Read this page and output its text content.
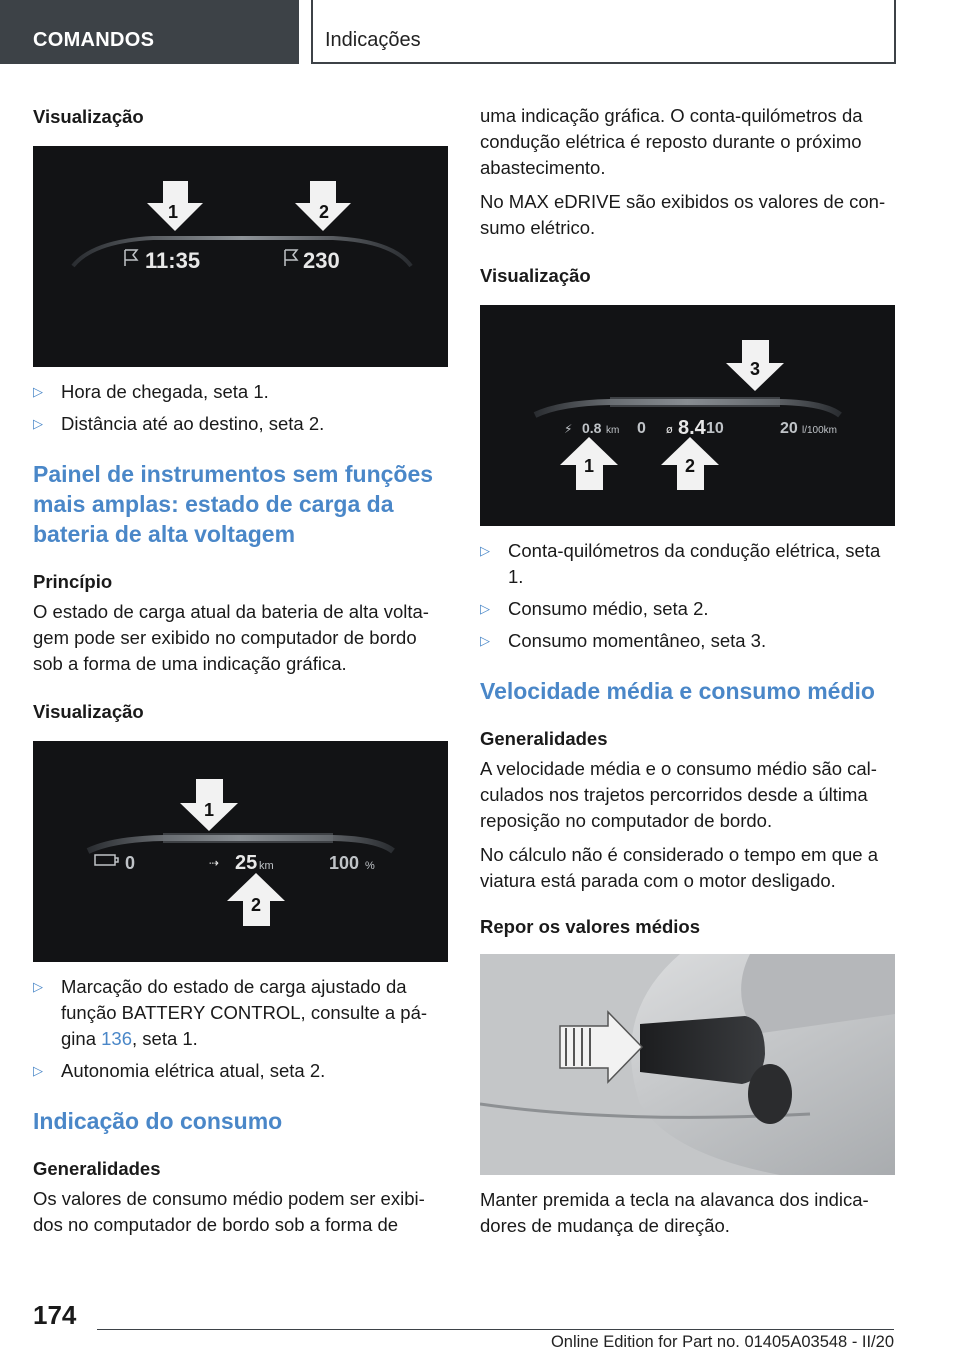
COMANDOS	Indicações
Visualização
1	2
11:35	230
▷ Hora de chegada, seta 1.
▷ Distância até ao destino, seta 2.
Painel de instrumentos sem funções mais amplas: estado de carga da bateria de alta voltagem
Princípio
O estado de carga atual da bateria de alta volta‐gem pode ser exibido no computador de bordo sob a forma de uma indicação gráfica.
Visualização
1
0	⇢ 25 km	100 %
2
▷ Marcação do estado de carga ajustado da função BATTERY CONTROL, consulte a pá‐gina 136, seta 1.
▷ Autonomia elétrica atual, seta 2.
Indicação do consumo
Generalidades
Os valores de consumo médio podem ser exibi‐dos no computador de bordo sob a forma de
uma indicação gráfica. O conta-quilómetros da condução elétrica é reposto durante o próximo abastecimento.
No MAX eDRIVE são exibidos os valores de con‐sumo elétrico.
Visualização
3
⚡ 0.8 km 0 ø 8.4 10	20 l/100km
1	2
▷ Conta-quilómetros da condução elétrica, seta 1.
▷ Consumo médio, seta 2.
▷ Consumo momentâneo, seta 3.
Velocidade média e consumo médio
Generalidades
A velocidade média e o consumo médio são cal‐culados nos trajetos percorridos desde a última reposição no computador de bordo.
No cálculo não é considerado o tempo em que a viatura está parada com o motor desligado.
Repor os valores médios
Manter premida a tecla na alavanca dos indica‐dores de mudança de direção.
174
Online Edition for Part no. 01405A03548 - II/20
